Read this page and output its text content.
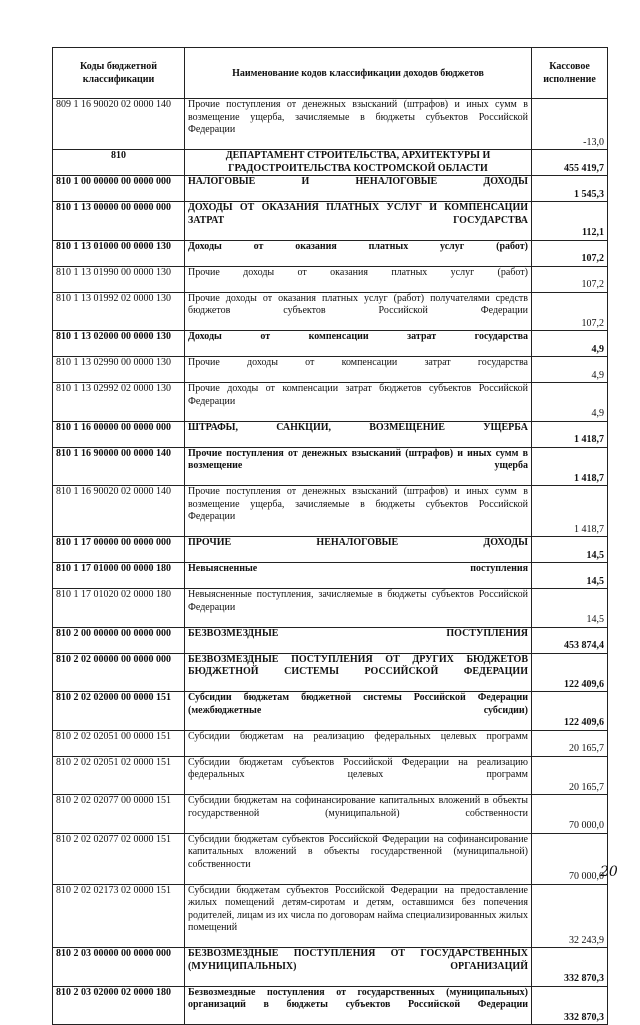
Коды бюджетной классификации	Наименование кодов классификации доходов бюджетов	Кассовое исполнение
809 1 16 90020 02 0000 140	Прочие поступления от денежных взысканий (штрафов) и иных сумм в возмещение ущерба, зачисляемые в бюджеты субъектов Российской Федерации	-13,0
810	ДЕПАРТАМЕНТ СТРОИТЕЛЬСТВА, АРХИТЕКТУРЫ И ГРАДОСТРОИТЕЛЬСТВА КОСТРОМСКОЙ ОБЛАСТИ	455 419,7
810 1 00 00000 00 0000 000	НАЛОГОВЫЕ И НЕНАЛОГОВЫЕ ДОХОДЫ	1 545,3
810 1 13 00000 00 0000 000	ДОХОДЫ ОТ ОКАЗАНИЯ ПЛАТНЫХ УСЛУГ И КОМПЕНСАЦИИ ЗАТРАТ ГОСУДАРСТВА	112,1
810 1 13 01000 00 0000 130	Доходы от оказания платных услуг (работ)	107,2
810 1 13 01990 00 0000 130	Прочие доходы от оказания платных услуг (работ)	107,2
810 1 13 01992 02 0000 130	Прочие доходы от оказания платных услуг (работ) получателями средств бюджетов субъектов Российской Федерации	107,2
810 1 13 02000 00 0000 130	Доходы от компенсации затрат государства	4,9
810 1 13 02990 00 0000 130	Прочие доходы от компенсации затрат государства	4,9
810 1 13 02992 02 0000 130	Прочие доходы от компенсации затрат бюджетов субъектов Российской Федерации	4,9
810 1 16 00000 00 0000 000	ШТРАФЫ, САНКЦИИ, ВОЗМЕЩЕНИЕ УЩЕРБА	1 418,7
810 1 16 90000 00 0000 140	Прочие поступления от денежных взысканий (штрафов) и иных сумм в возмещение ущерба	1 418,7
810 1 16 90020 02 0000 140	Прочие поступления от денежных взысканий (штрафов) и иных сумм в возмещение ущерба, зачисляемые в бюджеты субъектов Российской Федерации	1 418,7
810 1 17 00000 00 0000 000	ПРОЧИЕ НЕНАЛОГОВЫЕ ДОХОДЫ	14,5
810 1 17 01000 00 0000 180	Невыясненные поступления	14,5
810 1 17 01020 02 0000 180	Невыясненные поступления, зачисляемые в бюджеты субъектов Российской Федерации	14,5
810 2 00 00000 00 0000 000	БЕЗВОЗМЕЗДНЫЕ ПОСТУПЛЕНИЯ	453 874,4
810 2 02 00000 00 0000 000	БЕЗВОЗМЕЗДНЫЕ ПОСТУПЛЕНИЯ ОТ ДРУГИХ БЮДЖЕТОВ БЮДЖЕТНОЙ СИСТЕМЫ РОССИЙСКОЙ ФЕДЕРАЦИИ	122 409,6
810 2 02 02000 00 0000 151	Субсидии бюджетам бюджетной системы Российской Федерации (межбюджетные субсидии)	122 409,6
810 2 02 02051 00 0000 151	Субсидии бюджетам на реализацию федеральных целевых программ	20 165,7
810 2 02 02051 02 0000 151	Субсидии бюджетам субъектов Российской Федерации на реализацию федеральных целевых программ	20 165,7
810 2 02 02077 00 0000 151	Субсидии бюджетам на софинансирование капитальных вложений в объекты государственной (муниципальной) собственности	70 000,0
810 2 02 02077 02 0000 151	Субсидии бюджетам субъектов Российской Федерации на софинансирование капитальных вложений в объекты государственной (муниципальной) собственности	70 000,0
810 2 02 02173 02 0000 151	Субсидии бюджетам субъектов Российской Федерации на предоставление жилых помещений детям-сиротам и детям, оставшимся без попечения родителей, лицам из их числа по договорам найма специализированных жилых помещений	32 243,9
810 2 03 00000 00 0000 000	БЕЗВОЗМЕЗДНЫЕ ПОСТУПЛЕНИЯ ОТ ГОСУДАРСТВЕННЫХ (МУНИЦИПАЛЬНЫХ) ОРГАНИЗАЦИЙ	332 870,3
810 2 03 02000 02 0000 180	Безвозмездные поступления от государственных (муниципальных) организаций в бюджеты субъектов Российской Федерации	332 870,3
20
